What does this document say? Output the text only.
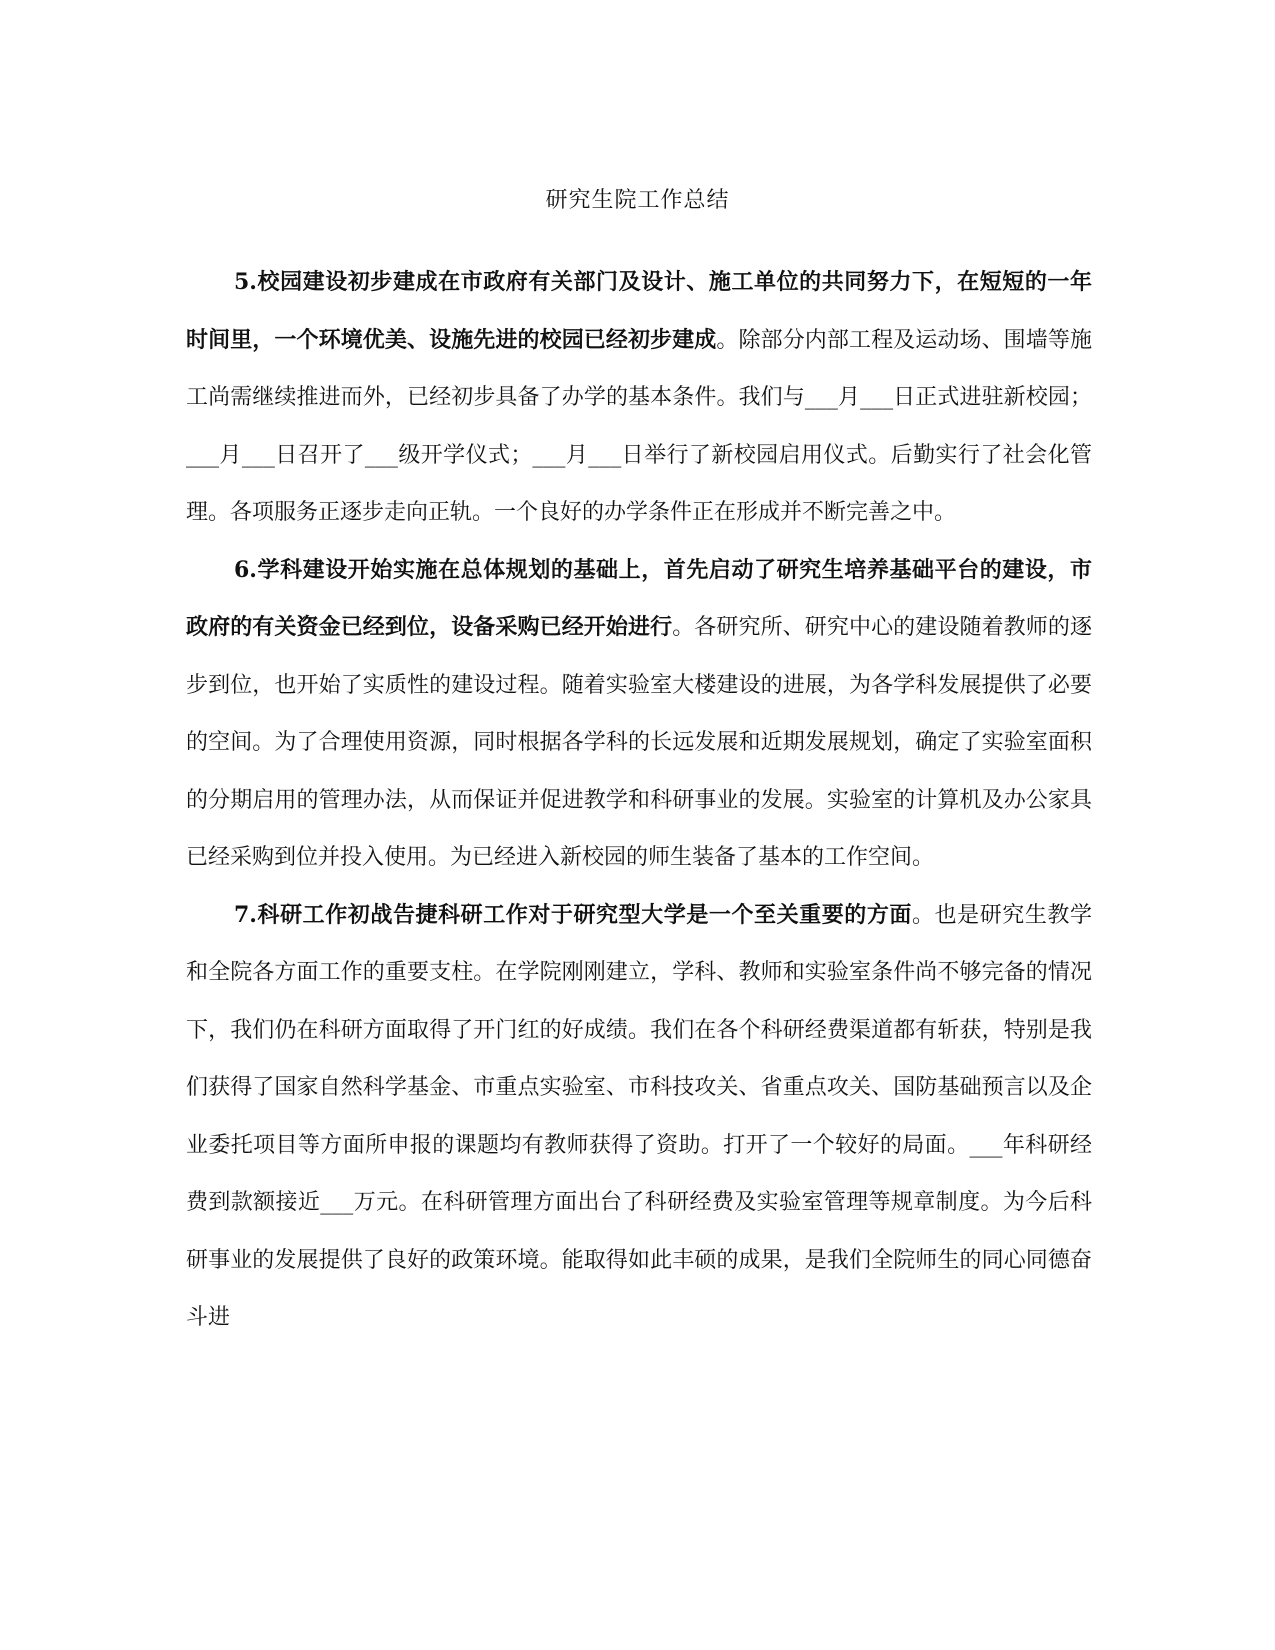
研究生院工作总结

5.校园建设初步建成在市政府有关部门及设计、施工单位的共同努力下，在短短的一年时间里，一个环境优美、设施先进的校园已经初步建成。除部分内部工程及运动场、围墙等施工尚需继续推进而外，已经初步具备了办学的基本条件。我们与___月___日正式进驻新校园；___月___日召开了___级开学仪式；___月___日举行了新校园启用仪式。后勤实行了社会化管理。各项服务正逐步走向正轨。一个良好的办学条件正在形成并不断完善之中。

6.学科建设开始实施在总体规划的基础上，首先启动了研究生培养基础平台的建设，市政府的有关资金已经到位，设备采购已经开始进行。各研究所、研究中心的建设随着教师的逐步到位，也开始了实质性的建设过程。随着实验室大楼建设的进展，为各学科发展提供了必要的空间。为了合理使用资源，同时根据各学科的长远发展和近期发展规划，确定了实验室面积的分期启用的管理办法，从而保证并促进教学和科研事业的发展。实验室的计算机及办公家具已经采购到位并投入使用。为已经进入新校园的师生装备了基本的工作空间。

7.科研工作初战告捷科研工作对于研究型大学是一个至关重要的方面。也是研究生教学和全院各方面工作的重要支柱。在学院刚刚建立，学科、教师和实验室条件尚不够完备的情况下，我们仍在科研方面取得了开门红的好成绩。我们在各个科研经费渠道都有斩获，特别是我们获得了国家自然科学基金、市重点实验室、市科技攻关、省重点攻关、国防基础预言以及企业委托项目等方面所申报的课题均有教师获得了资助。打开了一个较好的局面。___年科研经费到款额接近___万元。在科研管理方面出台了科研经费及实验室管理等规章制度。为今后科研事业的发展提供了良好的政策环境。能取得如此丰硕的成果，是我们全院师生的同心同德奋斗进
